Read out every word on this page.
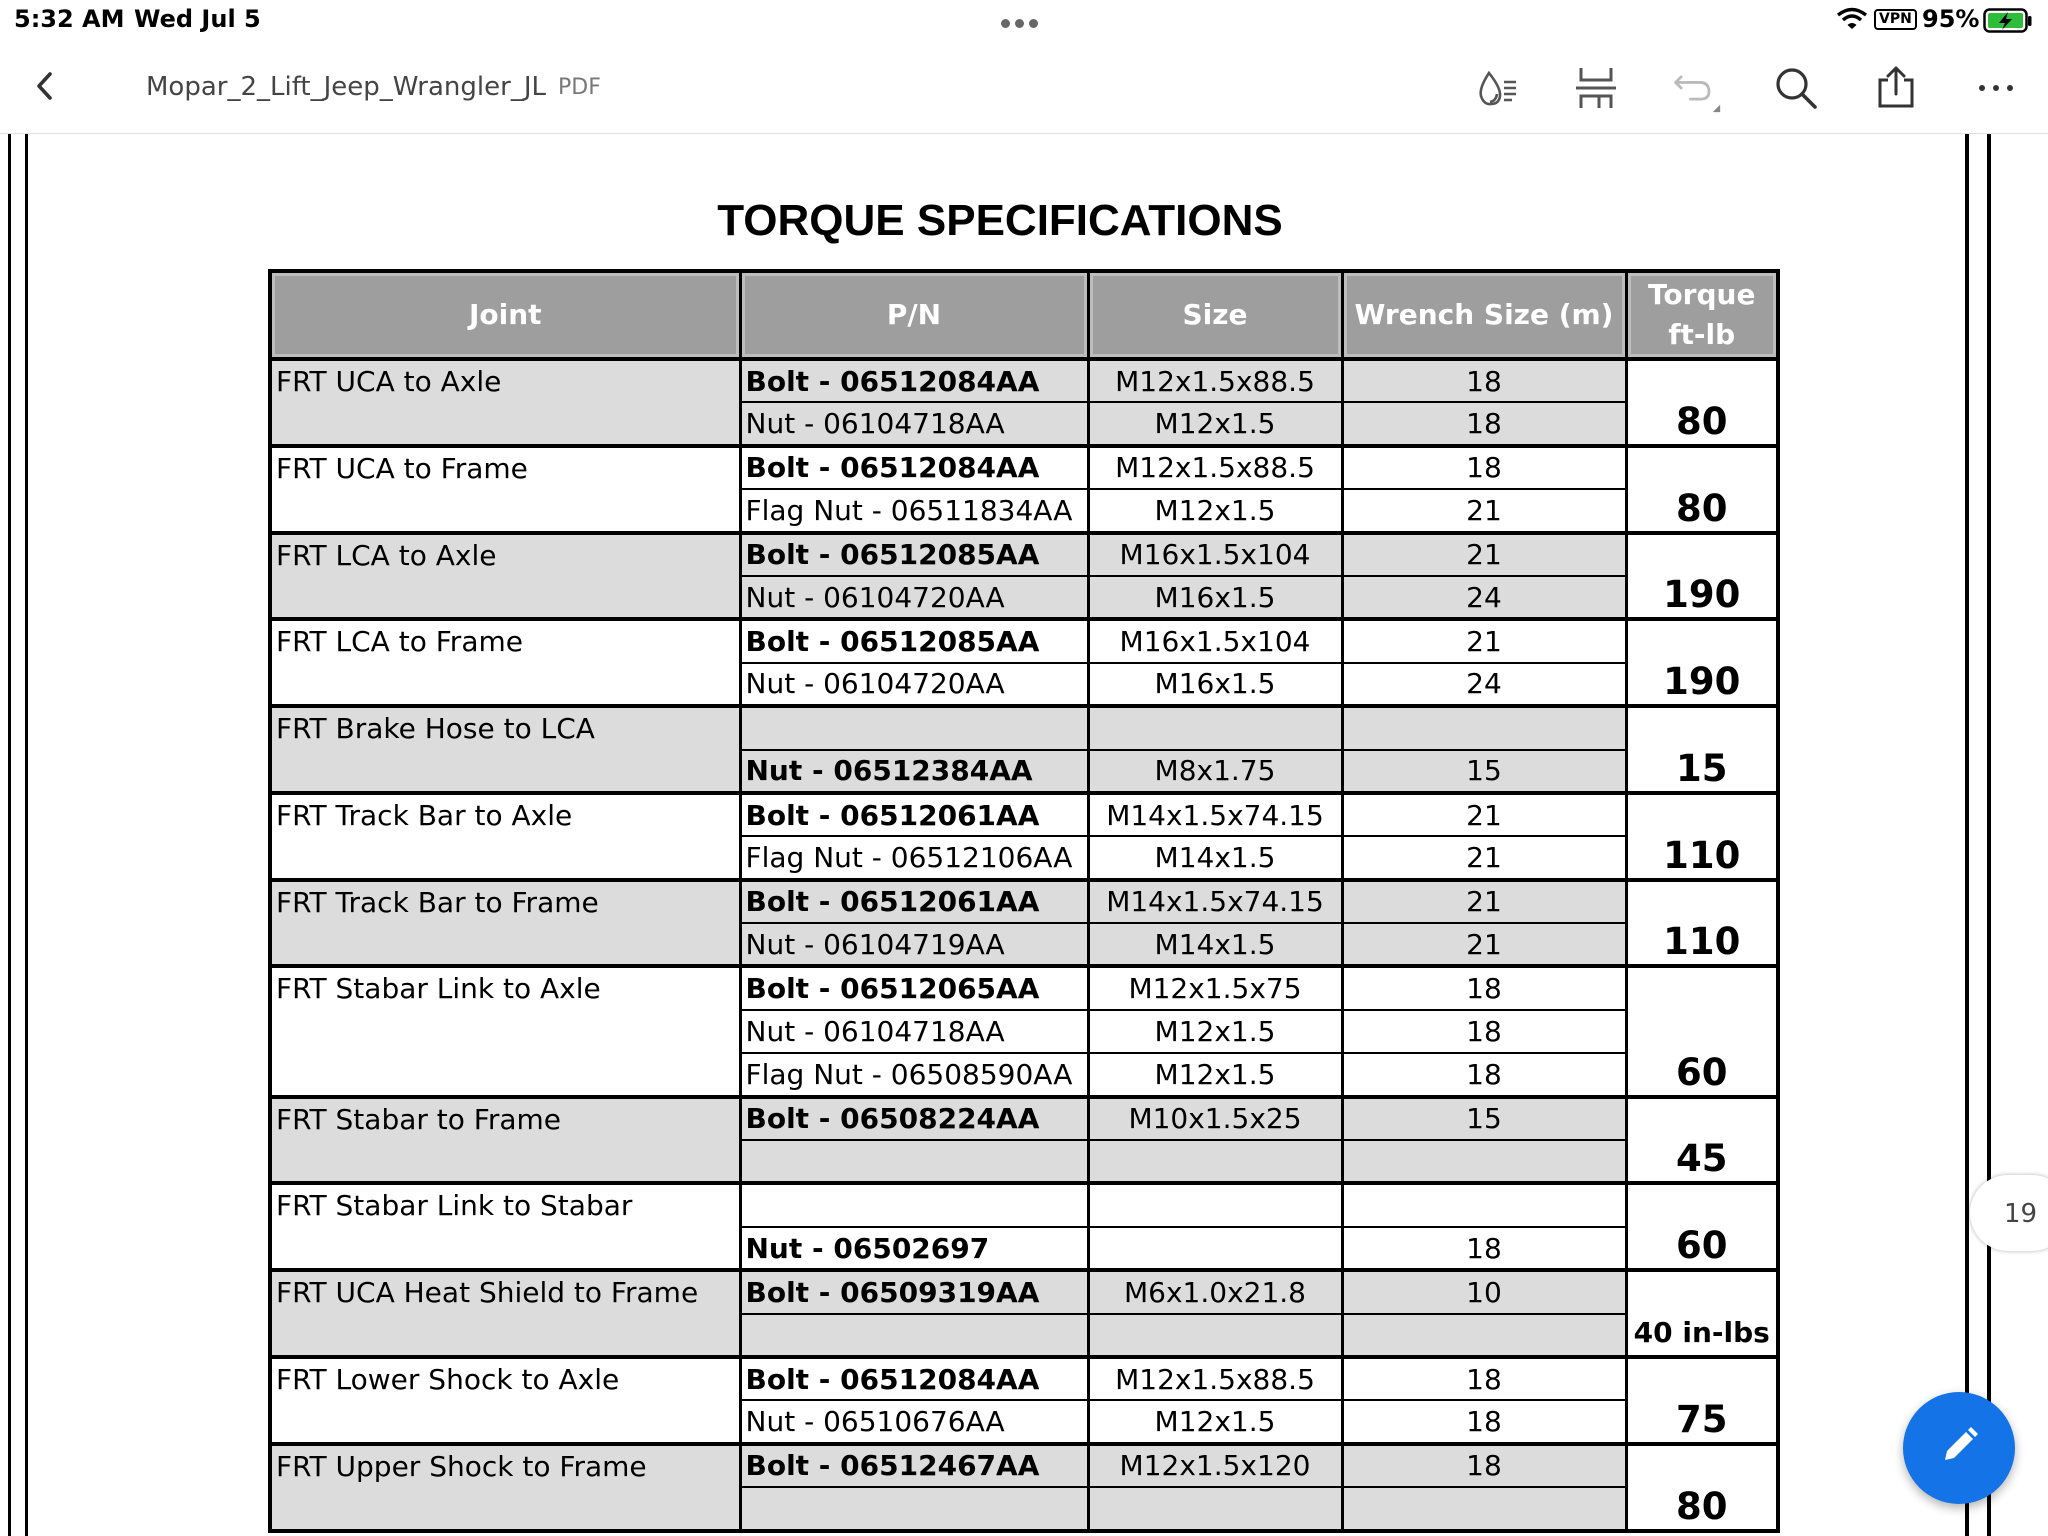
5:32 AM Wed Jul 5	VPN 95%
Mopar_2_Lift_Jeep_Wrangler_JL PDF
TORQUE SPECIFICATIONS
Joint	P/N	Size	Wrench Size (m)	Torque
ft-lb
FRT UCA to Axle	Bolt - 06512084AA	M12x1.5x88.5	18	80
	Nut - 06104718AA	M12x1.5	18	
FRT UCA to Frame	Bolt - 06512084AA	M12x1.5x88.5	18	80
	Flag Nut - 06511834AA	M12x1.5	21	
FRT LCA to Axle	Bolt - 06512085AA	M16x1.5x104	21	190
	Nut - 06104720AA	M16x1.5	24	
FRT LCA to Frame	Bolt - 06512085AA	M16x1.5x104	21	190
	Nut - 06104720AA	M16x1.5	24	
FRT Brake Hose to LCA				15
	Nut - 06512384AA	M8x1.75	15	
FRT Track Bar to Axle	Bolt - 06512061AA	M14x1.5x74.15	21	110
	Flag Nut - 06512106AA	M14x1.5	21	
FRT Track Bar to Frame	Bolt - 06512061AA	M14x1.5x74.15	21	110
	Nut - 06104719AA	M14x1.5	21	
FRT Stabar Link to Axle	Bolt - 06512065AA	M12x1.5x75	18	60
	Nut - 06104718AA	M12x1.5	18	
	Flag Nut - 06508590AA	M12x1.5	18	
FRT Stabar to Frame	Bolt - 06508224AA	M10x1.5x25	15	45

FRT Stabar Link to Stabar				60
	Nut - 06502697		18	
FRT UCA Heat Shield to Frame	Bolt - 06509319AA	M6x1.0x21.8	10	40 in-lbs

FRT Lower Shock to Axle	Bolt - 06512084AA	M12x1.5x88.5	18	75
	Nut - 06510676AA	M12x1.5	18	
FRT Upper Shock to Frame	Bolt - 06512467AA	M12x1.5x120	18	80

19
